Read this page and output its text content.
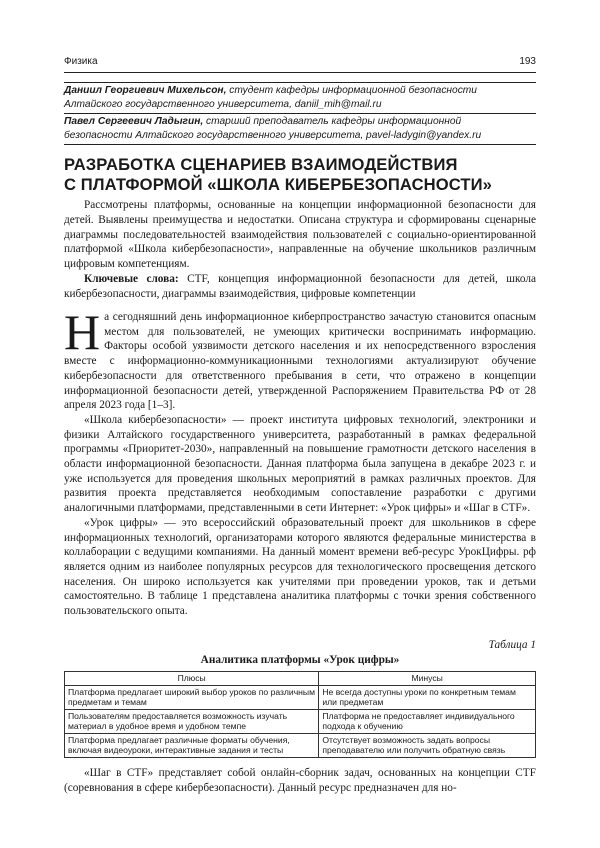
Физика	193
Даниил Георгиевич Михельсон, студент кафедры информационной безопасности
Алтайского государственного университета, daniil_mih@mail.ru
Павел Сергеевич Ладыгин, старший преподаватель кафедры информационной
безопасности Алтайского государственного университета, pavel-ladygin@yandex.ru
РАЗРАБОТКА СЦЕНАРИЕВ ВЗАИМОДЕЙСТВИЯ
С ПЛАТФОРМОЙ «ШКОЛА КИБЕРБЕЗОПАСНОСТИ»

Рассмотрены платформы, основанные на концепции информационной безопасности для детей. Выявлены преимущества и недостатки. Описана структура и сформированы сценарные диаграммы последовательностей взаимодействия пользователей с социально-ориентированной платформой «Школа кибербезопасности», направленные на обучение школьников различным цифровым компетенциям.

Ключевые слова: CTF, концепция информационной безопасности для детей, школа кибербезопасности, диаграммы взаимодействия, цифровые компетенции

На сегодняшний день информационное киберпространство зачастую становится опасным местом для пользователей, не умеющих критически воспринимать информацию. Факторы особой уязвимости детского населения и их непосредственного взросления вместе с информационно-коммуникационными технологиями актуализируют обучение кибербезопасности для ответственного пребывания в сети, что отражено в концепции информационной безопасности детей, утвержденной Распоряжением Правительства РФ от 28 апреля 2023 года [1–3].

«Школа кибербезопасности» — проект института цифровых технологий, электроники и физики Алтайского государственного университета, разработанный в рамках федеральной программы «Приоритет-2030», направленный на повышение грамотности детского населения в области информационной безопасности. Данная платформа была запущена в декабре 2023 г. и уже используется для проведения школьных мероприятий в рамках различных проектов. Для развития проекта представляется необходимым сопоставление разработки с другими аналогичными платформами, представленными в сети Интернет: «Урок цифры» и «Шаг в CTF».

«Урок цифры» — это всероссийский образовательный проект для школьников в сфере информационных технологий, организаторами которого являются федеральные министерства в коллаборации с ведущими компаниями. На данный момент времени веб-ресурс УрокЦифры. рф является одним из наиболее популярных ресурсов для технологического просвещения детского населения. Он широко используется как учителями при проведении уроков, так и детьми самостоятельно. В таблице 1 представлена аналитика платформы с точки зрения собственного пользовательского опыта.

Таблица 1
Аналитика платформы «Урок цифры»
Плюсы	Минусы
Платформа предлагает широкий выбор уроков по различным предметам и темам	Не всегда доступны уроки по конкретным темам или предметам
Пользователям предоставляется возможность изучать материал в удобное время и удобном темпе	Платформа не предоставляет индивидуального подхода к обучению
Платформа предлагает различные форматы обучения, включая видеоуроки, интерактивные задания и тесты	Отсутствует возможность задать вопросы преподавателю или получить обратную связь

«Шаг в CTF» представляет собой онлайн-сборник задач, основанных на концепции CTF (соревнования в сфере кибербезопасности). Данный ресурс предназначен для но-
